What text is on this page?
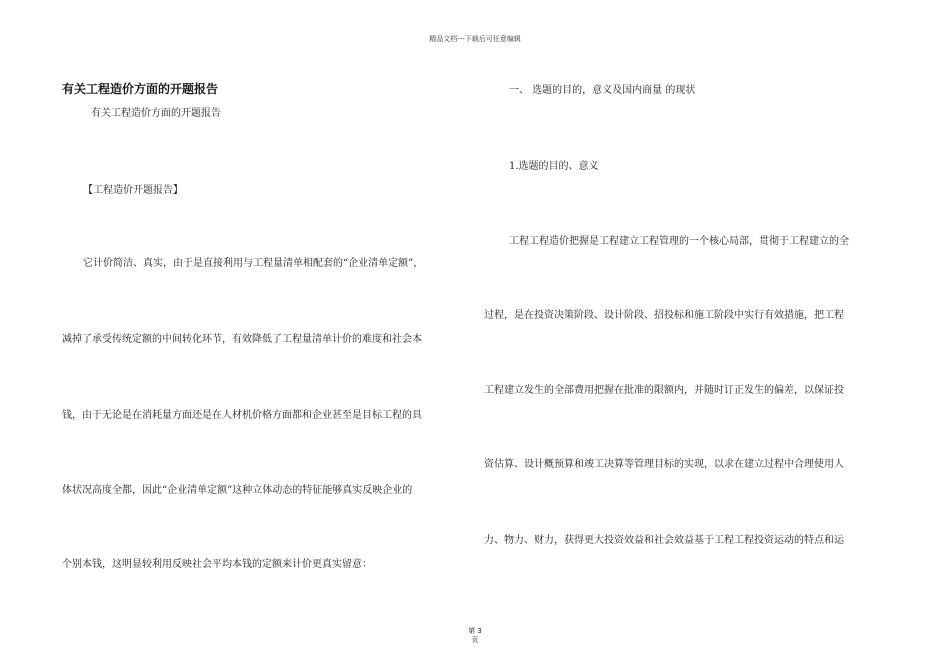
精品文档---下载后可任意编辑
有关工程造价方面的开题报告
有关工程造价方面的开题报告
【工程造价开题报告】
它计价简洁、真实，由于是直接利用与工程量清单相配套的“企业清单定额”，
减掉了承受传统定额的中间转化环节，有效降低了工程量清单计价的难度和社会本
钱，由于无论是在消耗量方面还是在人材机价格方面都和企业甚至是目标工程的具
体状况高度全都，因此“企业清单定额”这种立体动态的特征能够真实反映企业的
个别本钱，这明显较利用反映社会平均本钱的定额来计价更真实留意：
一、 选题的目的，意义及国内商量 的现状
1.选题的目的、意义
工程工程造价把握是工程建立工程管理的一个核心局部，贯彻于工程建立的全
过程，是在投资决策阶段、设计阶段、招投标和施工阶段中实行有效措施，把工程
工程建立发生的全部费用把握在批准的限额内，并随时订正发生的偏差，以保证投
资估算、设计概预算和竣工决算等管理目标的实现，以求在建立过程中合理使用人
力、物力、财力，获得更大投资效益和社会效益基于工程工程投资运动的特点和运
第 3
页
